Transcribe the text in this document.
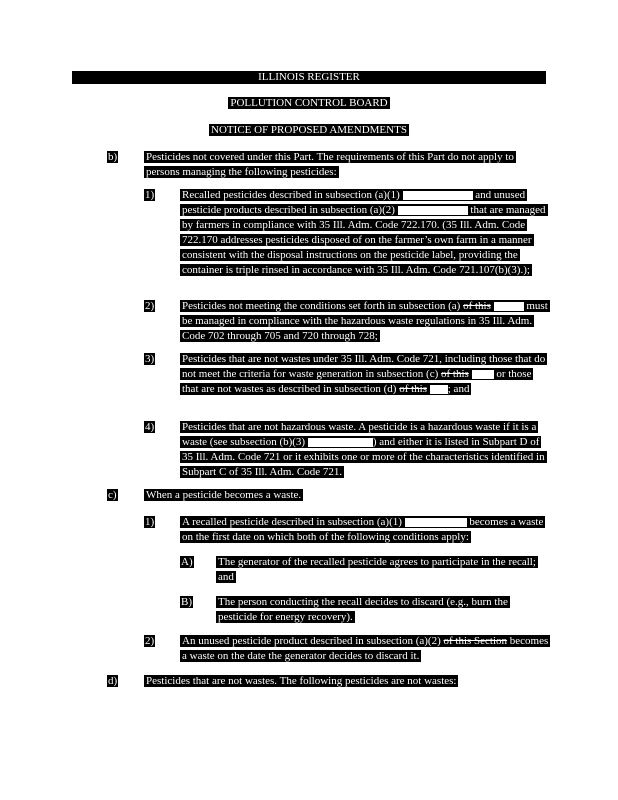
ILLINOIS REGISTER
POLLUTION CONTROL BOARD
NOTICE OF PROPOSED AMENDMENTS
b)	Pesticides not covered under this Part. The requirements of this Part do not apply to persons managing the following pesticides:
1)	Recalled pesticides described in subsection (a)(1)	and unused pesticide products described in subsection (a)(2)	that are managed by farmers in compliance with 35 Ill. Adm. Code 722.170. (35 Ill. Adm. Code 722.170 addresses pesticides disposed of on the farmer’s own farm in a manner consistent with the disposal instructions on the pesticide label, providing the container is triple rinsed in accordance with 35 Ill. Adm. Code 721.107(b)(3).);
2)	Pesticides not meeting the conditions set forth in subsection (a) of this	must be managed in compliance with the hazardous waste regulations in 35 Ill. Adm. Code 702 through 705 and 720 through 728;
3)	Pesticides that are not wastes under 35 Ill. Adm. Code 721, including those that do not meet the criteria for waste generation in subsection (c) of this	or those that are not wastes as described in subsection (d) of this ; and
4)	Pesticides that are not hazardous waste. A pesticide is a hazardous waste if it is a waste (see subsection (b)(3)	) and either it is listed in Subpart D of 35 Ill. Adm. Code 721 or it exhibits one or more of the characteristics identified in Subpart C of 35 Ill. Adm. Code 721.
c)	When a pesticide becomes a waste.
1)	A recalled pesticide described in subsection (a)(1)	becomes a waste on the first date on which both of the following conditions apply:
A) The generator of the recalled pesticide agrees to participate in the recall; and
B) The person conducting the recall decides to discard (e.g., burn the pesticide for energy recovery).
2)	An unused pesticide product described in subsection (a)(2) of this Section becomes a waste on the date the generator decides to discard it.
d)	Pesticides that are not wastes. The following pesticides are not wastes:
